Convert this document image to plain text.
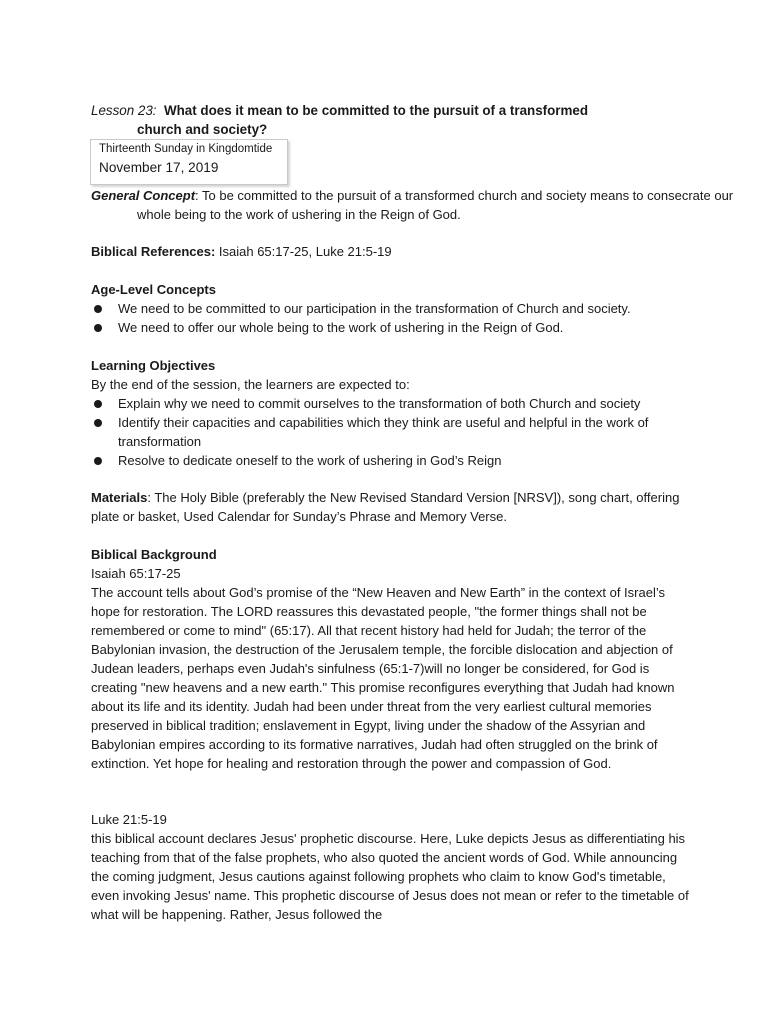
Lesson 23: What does it mean to be committed to the pursuit of a transformed
church and society?
Thirteenth Sunday in Kingdomtide
November 17, 2019

General Concept: To be committed to the pursuit of a transformed church and society means to consecrate our whole being to the work of ushering in the Reign of God.

Biblical References: Isaiah 65:17-25, Luke 21:5-19

Age-Level Concepts
We need to be committed to our participation in the transformation of Church and society.
We need to offer our whole being to the work of ushering in the Reign of God.
Learning Objectives
By the end of the session, the learners are expected to:
Explain why we need to commit ourselves to the transformation of both Church and society
Identify their capacities and capabilities which they think are useful and helpful in the work of transformation
Resolve to dedicate oneself to the work of ushering in God’s Reign

Materials: The Holy Bible (preferably the New Revised Standard Version [NRSV]), song chart, offering plate or basket, Used Calendar for Sunday’s Phrase and Memory Verse.

Biblical Background
Isaiah 65:17-25

The account tells about God’s promise of the “New Heaven and New Earth” in the context of Israel’s hope for restoration. The LORD reassures this devastated people, "the former things shall not be remembered or come to mind" (65:17). All that recent history had held for Judah; the terror of the Babylonian invasion, the destruction of the Jerusalem temple, the forcible dislocation and abjection of Judean leaders, perhaps even Judah's sinfulness (65:1-7)will no longer be considered, for God is creating "new heavens and a new earth." This promise reconfigures everything that Judah had known about its life and its identity. Judah had been under threat from the very earliest cultural memories preserved in biblical tradition; enslavement in Egypt, living under the shadow of the Assyrian and Babylonian empires according to its formative narratives, Judah had often struggled on the brink of extinction. Yet hope for healing and restoration through the power and compassion of God.

Luke 21:5-19

this biblical account declares Jesus' prophetic discourse. Here, Luke depicts Jesus as differentiating his teaching from that of the false prophets, who also quoted the ancient words of God. While announcing the coming judgment, Jesus cautions against following prophets who claim to know God's timetable, even invoking Jesus' name. This prophetic discourse of Jesus does not mean or refer to the timetable of what will be happening. Rather, Jesus followed the
